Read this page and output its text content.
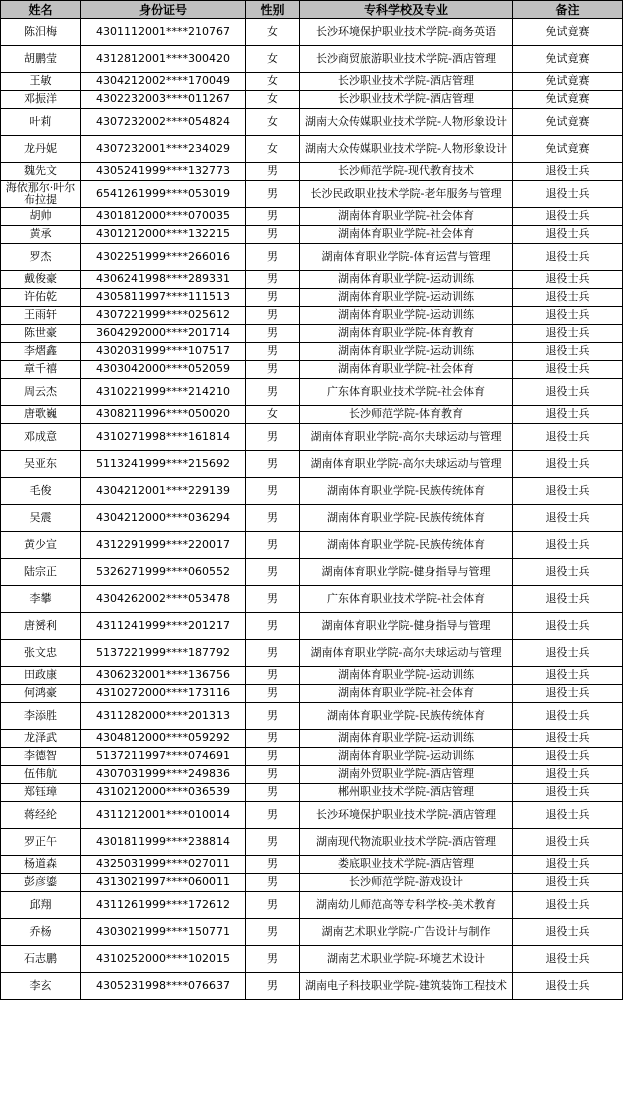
姓名	身份证号	性别	专科学校及专业	备注
陈汨梅	4301112001****210767	女	长沙环境保护职业技术学院-商务英语	免试竟赛
胡鹏莹	4312812001****300420	女	长沙商贸旅游职业技术学院-酒店管理	免试竟赛
王敏	4304212002****170049	女	长沙职业技术学院-酒店管理	免试竟赛
邓振洋	4302232003****011267	女	长沙职业技术学院-酒店管理	免试竟赛
叶莉	4307232002****054824	女	湖南大众传媒职业技术学院-人物形象设计	免试竟赛
龙丹妮	4307232001****234029	女	湖南大众传媒职业技术学院-人物形象设计	免试竟赛
魏先文	4305241999****132773	男	长沙师范学院-现代教育技术	退役士兵
海依那尔·叶尔布拉提	6541261999****053019	男	长沙民政职业技术学院-老年服务与管理	退役士兵
胡帅	4301812000****070035	男	湖南体育职业学院-社会体育	退役士兵
黄承	4301212000****132215	男	湖南体育职业学院-社会体育	退役士兵
罗杰	4302251999****266016	男	湖南体育职业学院-体育运营与管理	退役士兵
戴俊豪	4306241998****289331	男	湖南体育职业学院-运动训练	退役士兵
许佑乾	4305811997****111513	男	湖南体育职业学院-运动训练	退役士兵
王雨轩	4307221999****025612	男	湖南体育职业学院-运动训练	退役士兵
陈世豪	3604292000****201714	男	湖南体育职业学院-体育教育	退役士兵
李熠鑫	4302031999****107517	男	湖南体育职业学院-运动训练	退役士兵
章千禧	4303042000****052059	男	湖南体育职业学院-社会体育	退役士兵
周云杰	4310221999****214210	男	广东体育职业技术学院-社会体育	退役士兵
唐歌巍	4308211996****050020	女	长沙师范学院-体育教育	退役士兵
邓成意	4310271998****161814	男	湖南体育职业学院-高尔夫球运动与管理	退役士兵
吴亚东	5113241999****215692	男	湖南体育职业学院-高尔夫球运动与管理	退役士兵
毛俊	4304212001****229139	男	湖南体育职业学院-民族传统体育	退役士兵
吴震	4304212000****036294	男	湖南体育职业学院-民族传统体育	退役士兵
黄少宣	4312291999****220017	男	湖南体育职业学院-民族传统体育	退役士兵
陆宗正	5326271999****060552	男	湖南体育职业学院-健身指导与管理	退役士兵
李攀	4304262002****053478	男	广东体育职业技术学院-社会体育	退役士兵
唐赟利	4311241999****201217	男	湖南体育职业学院-健身指导与管理	退役士兵
张文忠	5137221999****187792	男	湖南体育职业学院-高尔夫球运动与管理	退役士兵
田政康	4306232001****136756	男	湖南体育职业学院-运动训练	退役士兵
何鸿豪	4310272000****173116	男	湖南体育职业学院-社会体育	退役士兵
李添胜	4311282000****201313	男	湖南体育职业学院-民族传统体育	退役士兵
龙泽武	4304812000****059292	男	湖南体育职业学院-运动训练	退役士兵
李德智	5137211997****074691	男	湖南体育职业学院-运动训练	退役士兵
伍伟航	4307031999****249836	男	湖南外贸职业学院-酒店管理	退役士兵
郑钰璋	4310212000****036539	男	郴州职业技术学院-酒店管理	退役士兵
蒋经纶	4311212001****010014	男	长沙环境保护职业技术学院-酒店管理	退役士兵
罗正午	4301811999****238814	男	湖南现代物流职业技术学院-酒店管理	退役士兵
杨道森	4325031999****027011	男	娄底职业技术学院-酒店管理	退役士兵
彭彦鎏	4313021997****060011	男	长沙师范学院-游戏设计	退役士兵
邱翔	4311261999****172612	男	湖南幼儿师范高等专科学校-美术教育	退役士兵
乔杨	4303021999****150771	男	湖南艺术职业学院-广告设计与制作	退役士兵
石志鹏	4310252000****102015	男	湖南艺术职业学院-环境艺术设计	退役士兵
李玄	4305231998****076637	男	湖南电子科技职业学院-建筑装饰工程技术	退役士兵
